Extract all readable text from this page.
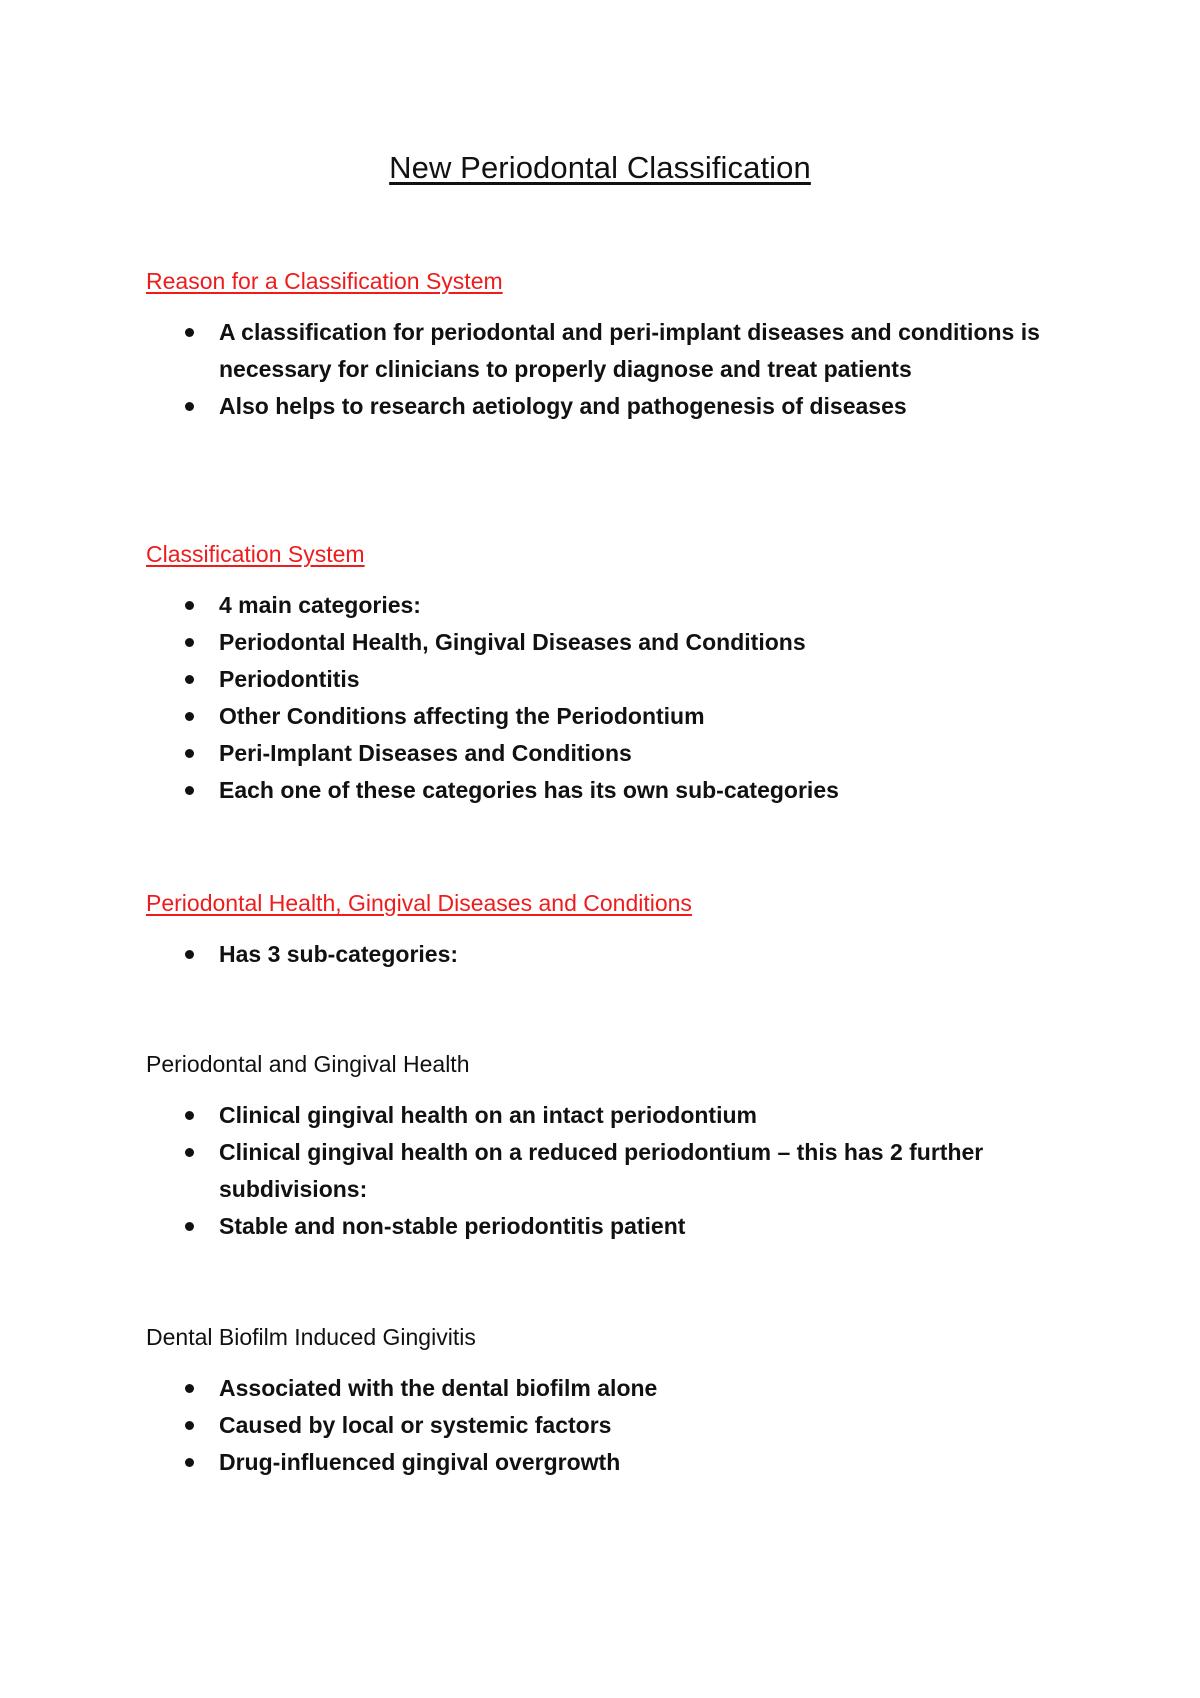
New Periodontal Classification

Reason for a Classification System

A classification for periodontal and peri-implant diseases and conditions is necessary for clinicians to properly diagnose and treat patients
Also helps to research aetiology and pathogenesis of diseases

Classification System

4 main categories:
Periodontal Health, Gingival Diseases and Conditions
Periodontitis
Other Conditions affecting the Periodontium
Peri-Implant Diseases and Conditions
Each one of these categories has its own sub-categories

Periodontal Health, Gingival Diseases and Conditions

Has 3 sub-categories:

Periodontal and Gingival Health

Clinical gingival health on an intact periodontium
Clinical gingival health on a reduced periodontium – this has 2 further subdivisions:
Stable and non-stable periodontitis patient

Dental Biofilm Induced Gingivitis

Associated with the dental biofilm alone
Caused by local or systemic factors
Drug-influenced gingival overgrowth
